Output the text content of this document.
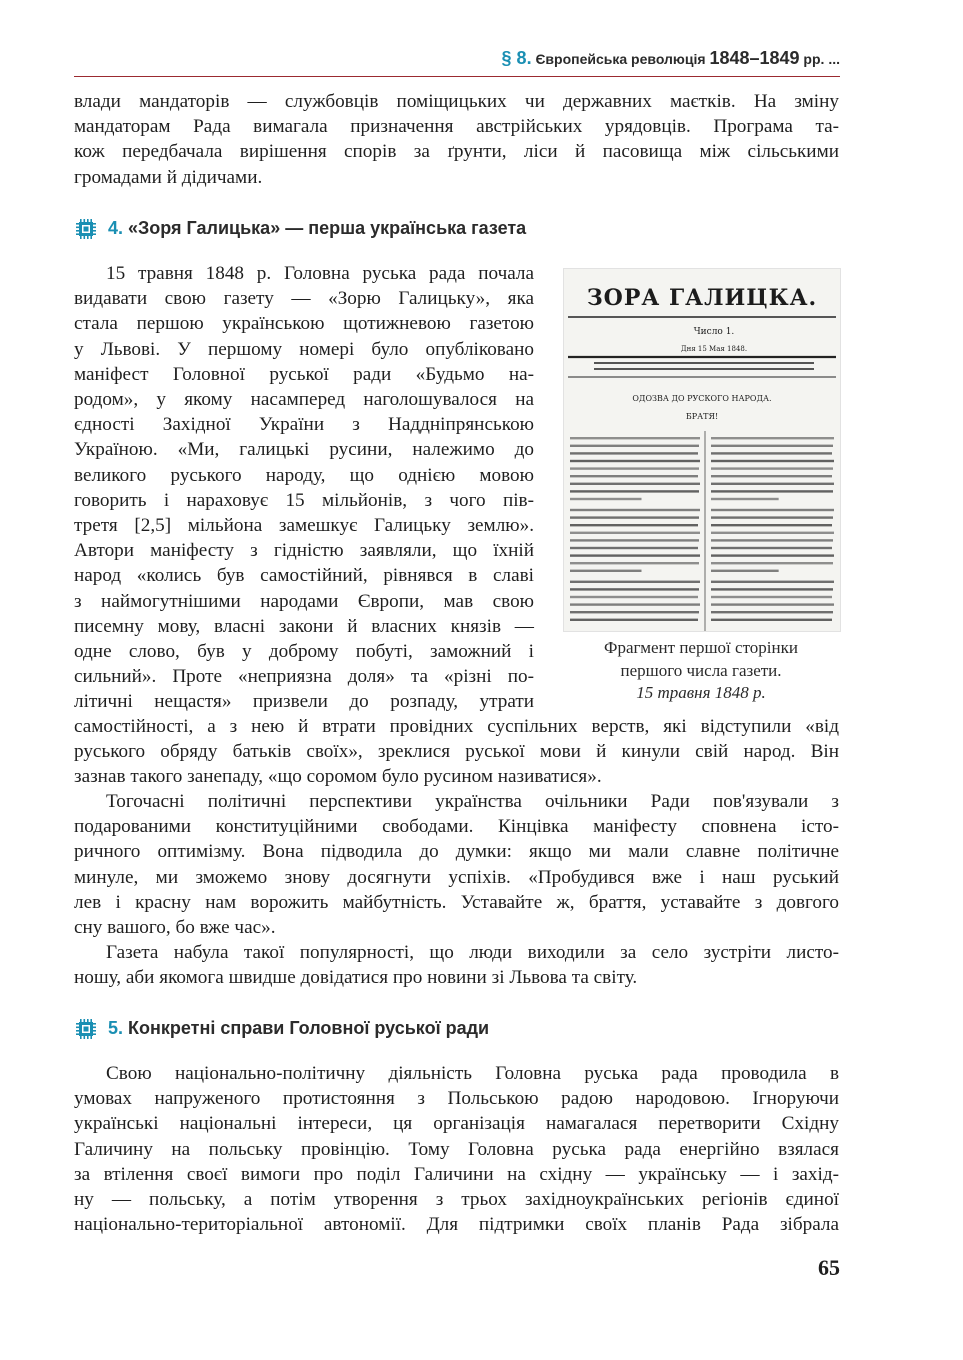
§ 8. Європейська революція 1848–1849 рр. ...
влади мандаторів — службовців поміщицьких чи державних маєтків. На зміну
мандаторам Рада вимагала призначення австрійських урядовців. Програма та-
кож передбачала вирішення спорів за ґрунти, ліси й пасовища між сільськими
громадами й дідичами.
4. «Зоря Галицька» — перша українська газета
15 травня 1848 р. Головна руська рада почала
видавати свою газету — «Зорю Галицьку», яка
стала першою українською щотижневою газетою
у Львові. У першому номері було опубліковано
маніфест Головної руської ради «Будьмо на-
родом», у якому насамперед наголошувалося на
єдності Західної України з Наддніпрянською
Україною. «Ми, галицькі русини, належимо до
великого руського народу, що однією мовою
говорить і нараховує 15 мільйонів, з чого пів-
третя [2,5] мільйона замешкує Галицьку землю».
Автори маніфесту з гідністю заявляли, що їхній
народ «колись був самостійний, рівнявся в славі
з наймогутнішими народами Європи, мав свою
писемну мову, власні закони й власних князів —
одне слово, був у доброму побуті, заможний і
сильний». Проте «неприязна доля» та «різні по-
літичні нещастя» призвели до розпаду, утрати
ЗОРА ГАЛИЦКА.
Число 1.
Дня 15 Мая 1848.
ОДОЗВА ДО РУСКОГО НАРОДА.
БРАТЯ!
Фрагмент першої сторінки
першого числа газети.
15 травня 1848 р.
самостійності, а з нею й втрати провідних суспільних верств, які відступили «від
руського обряду батьків своїх», зреклися руської мови й кинули свій народ. Він
зазнав такого занепаду, «що соромом було русином називатися».
Тогочасні політичні перспективи українства очільники Ради пов'язували з
подарованими конституційними свободами. Кінцівка маніфесту сповнена істо-
ричного оптимізму. Вона підводила до думки: якщо ми мали славне політичне
минуле, ми зможемо знову досягнути успіхів. «Пробудився вже і наш руський
лев і красну нам ворожить майбутність. Уставайте ж, браття, уставайте з довгого
сну вашого, бо вже час».
Газета набула такої популярності, що люди виходили за село зустріти листо-
ношу, аби якомога швидше довідатися про новини зі Львова та світу.
5. Конкретні справи Головної руської ради
Свою національно-політичну діяльність Головна руська рада проводила в
умовах напруженого протистояння з Польською радою народовою. Ігноруючи
українські національні інтереси, ця організація намагалася перетворити Східну
Галичину на польську провінцію. Тому Головна руська рада енергійно взялася
за втілення своєї вимоги про поділ Галичини на східну — українську — і захід-
ну — польську, а потім утворення з трьох західноукраїнських регіонів єдиної
національно-територіальної автономії. Для підтримки своїх планів Рада зібрала
65
